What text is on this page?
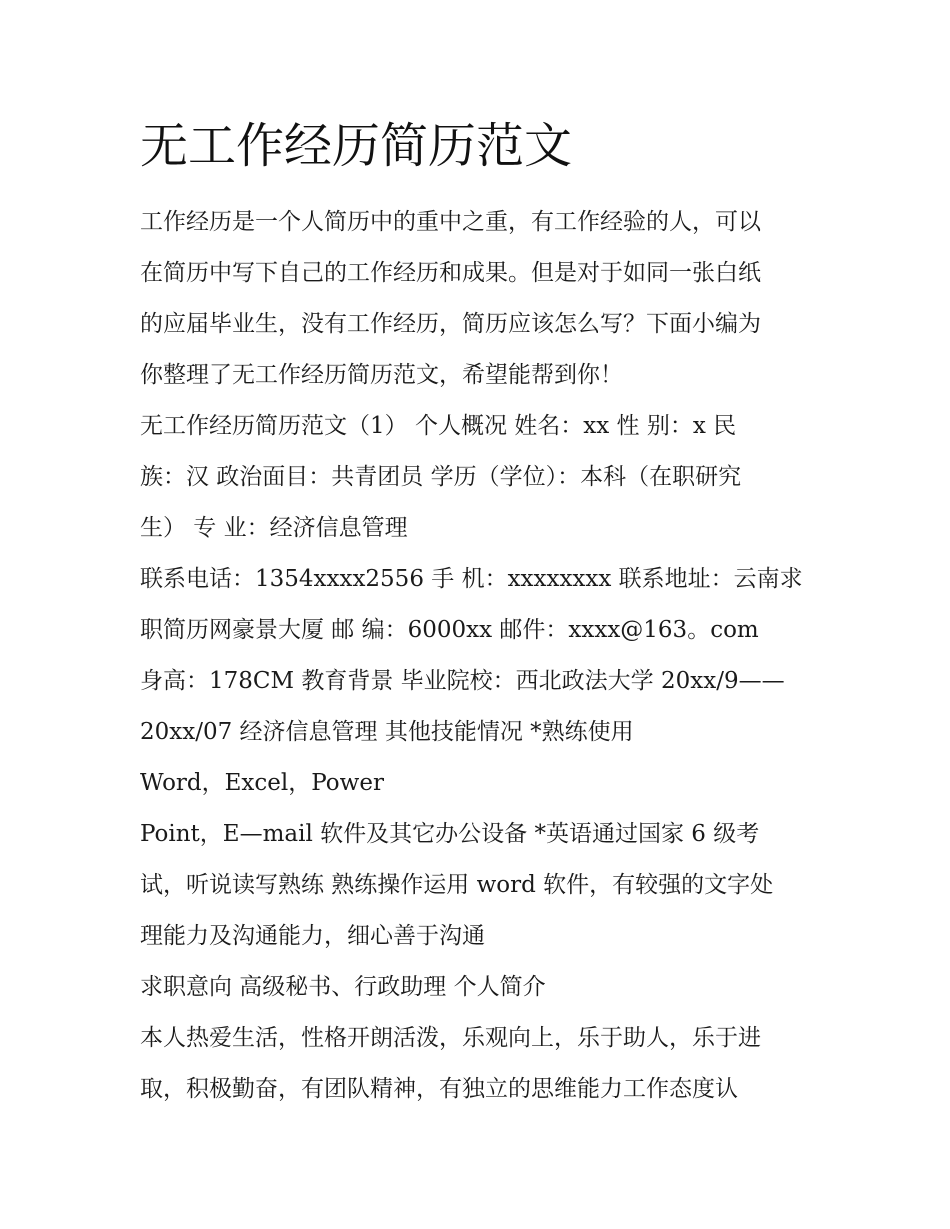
无工作经历简历范文
工作经历是一个人简历中的重中之重，有工作经验的人，可以
在简历中写下自己的工作经历和成果。但是对于如同一张白纸
的应届毕业生，没有工作经历，简历应该怎么写？下面小编为
你整理了无工作经历简历范文，希望能帮到你！
无工作经历简历范文（1） 个人概况 姓名：xx 性 别：x 民
族：汉 政治面目：共青团员 学历（学位）：本科（在职研究
生） 专 业：经济信息管理
联系电话：1354xxxx2556 手 机：xxxxxxxx 联系地址：云南求
职简历网豪景大厦 邮 编：6000xx 邮件：xxxx@163。com
身高：178CM 教育背景 毕业院校：西北政法大学 20xx/9——
20xx/07 经济信息管理 其他技能情况 *熟练使用
Word，Excel，Power
Point，E—mail 软件及其它办公设备 *英语通过国家 6 级考
试，听说读写熟练 熟练操作运用 word 软件，有较强的文字处
理能力及沟通能力，细心善于沟通
求职意向 高级秘书、行政助理 个人简介
本人热爱生活，性格开朗活泼，乐观向上，乐于助人，乐于进
取，积极勤奋，有团队精神，有独立的思维能力工作态度认
